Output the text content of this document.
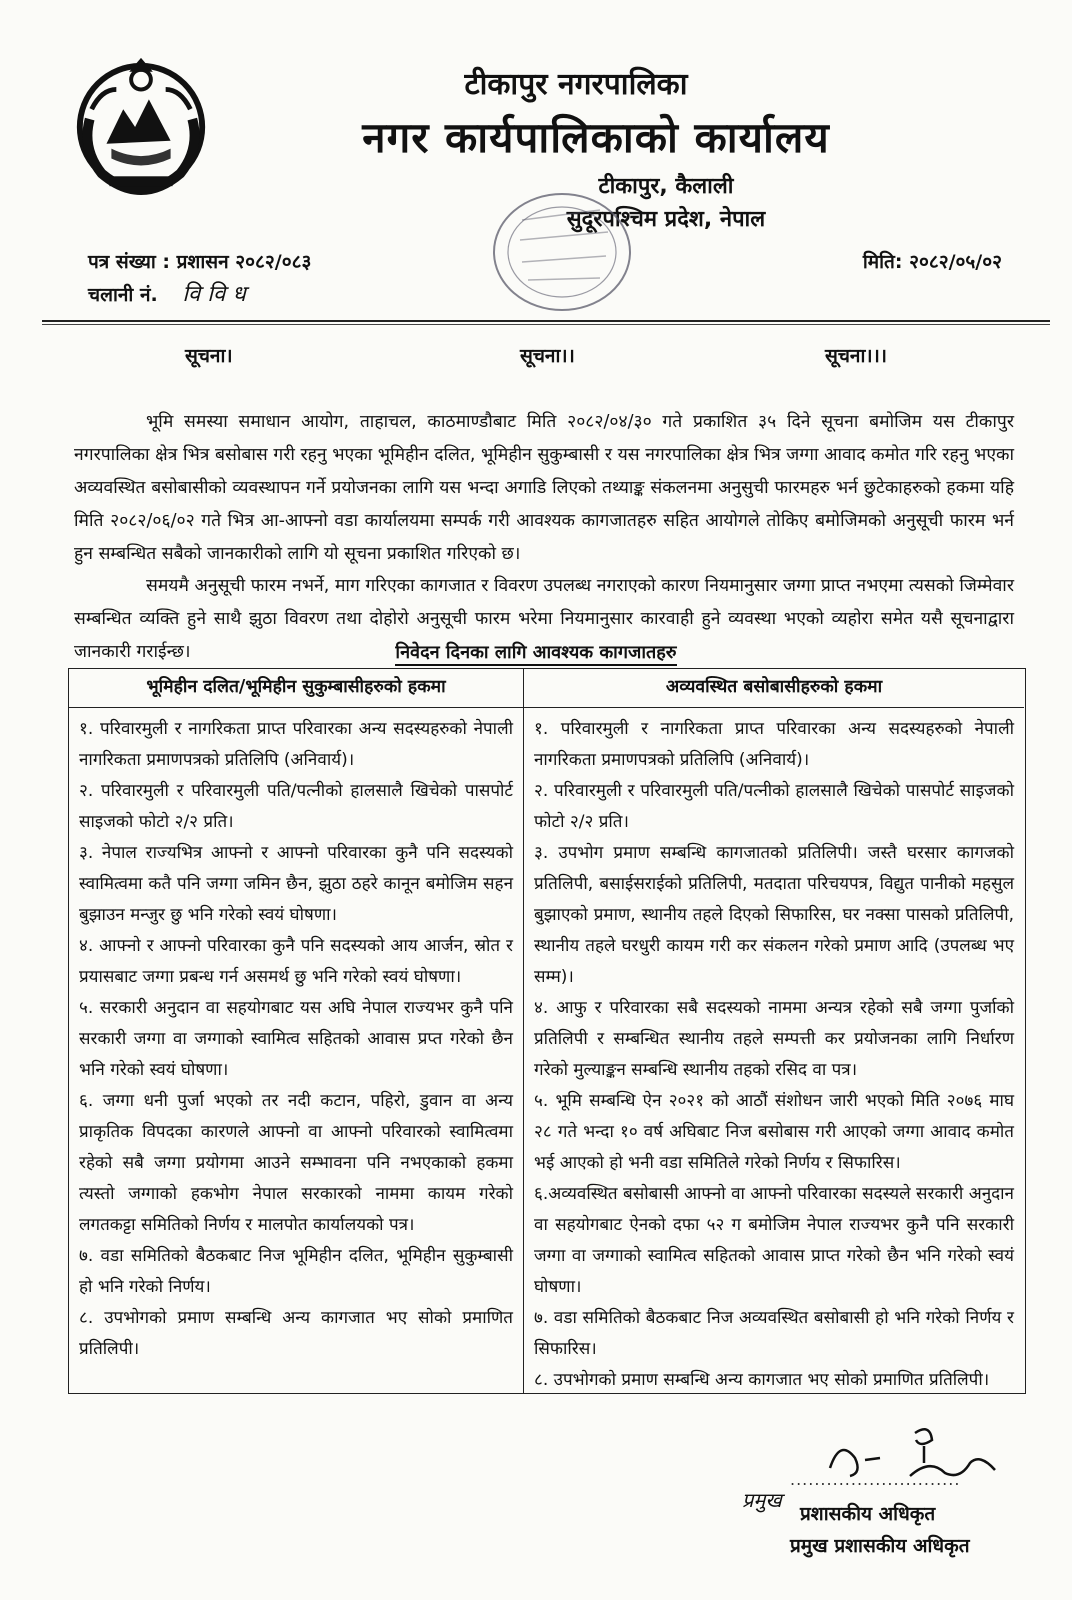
टीकापुर नगरपालिका
नगर कार्यपालिकाको कार्यालय
टीकापुर, कैलाली
सुदूरपश्चिम प्रदेश, नेपाल
पत्र संख्या : प्रशासन २०८२/०८३
चलानी नं. वि वि ध
मिति: २०८२/०५/०२
सूचना।	सूचना।।	सूचना।।।

भूमि समस्या समाधान आयोग, ताहाचल, काठमाण्डौबाट मिति २०८२/०४/३० गते प्रकाशित ३५ दिने सूचना बमोजिम यस टीकापुर नगरपालिका क्षेत्र भित्र बसोबास गरी रहनु भएका भूमिहीन दलित, भूमिहीन सुकुम्बासी र यस नगरपालिका क्षेत्र भित्र जग्गा आवाद कमोत गरि रहनु भएका अव्यवस्थित बसोबासीको व्यवस्थापन गर्ने प्रयोजनका लागि यस भन्दा अगाडि लिएको तथ्याङ्क संकलनमा अनुसुची फारमहरु भर्न छुटेकाहरुको हकमा यहि मिति २०८२/०६/०२ गते भित्र आ-आफ्नो वडा कार्यालयमा सम्पर्क गरी आवश्यक कागजातहरु सहित आयोगले तोकिए बमोजिमको अनुसूची फारम भर्न हुन सम्बन्धित सबैको जानकारीको लागि यो सूचना प्रकाशित गरिएको छ।

समयमै अनुसूची फारम नभर्ने, माग गरिएका कागजात र विवरण उपलब्ध नगराएको कारण नियमानुसार जग्गा प्राप्त नभएमा त्यसको जिम्मेवार सम्बन्धित व्यक्ति हुने साथै झुठा विवरण तथा दोहोरो अनुसूची फारम भरेमा नियमानुसार कारवाही हुने व्यवस्था भएको व्यहोरा समेत यसै सूचनाद्वारा जानकारी गराईन्छ।	निवेदन दिनका लागि आवश्यक कागजातहरु
भूमिहीन दलित/भूमिहीन सुकुम्बासीहरुको हकमा

१. परिवारमुली र नागरिकता प्राप्त परिवारका अन्य सदस्यहरुको नेपाली नागरिकता प्रमाणपत्रको प्रतिलिपि (अनिवार्य)।

२. परिवारमुली र परिवारमुली पति/पत्नीको हालसालै खिचेको पासपोर्ट साइजको फोटो २/२ प्रति।

३. नेपाल राज्यभित्र आफ्नो र आफ्नो परिवारका कुनै पनि सदस्यको स्वामित्वमा कतै पनि जग्गा जमिन छैन, झुठा ठहरे कानून बमोजिम सहन बुझाउन मन्जुर छु भनि गरेको स्वयं घोषणा।

४. आफ्नो र आफ्नो परिवारका कुनै पनि सदस्यको आय आर्जन, स्रोत र प्रयासबाट जग्गा प्रबन्ध गर्न असमर्थ छु भनि गरेको स्वयं घोषणा।

५. सरकारी अनुदान वा सहयोगबाट यस अघि नेपाल राज्यभर कुनै पनि सरकारी जग्गा वा जग्गाको स्वामित्व सहितको आवास प्रप्त गरेको छैन भनि गरेको स्वयं घोषणा।

६. जग्गा धनी पुर्जा भएको तर नदी कटान, पहिरो, डुवान वा अन्य प्राकृतिक विपदका कारणले आफ्नो वा आफ्नो परिवारको स्वामित्वमा रहेको सबै जग्गा प्रयोगमा आउने सम्भावना पनि नभएकाको हकमा त्यस्तो जग्गाको हकभोग नेपाल सरकारको नाममा कायम गरेको लगतकट्टा समितिको निर्णय र मालपोत कार्यालयको पत्र।

७. वडा समितिको बैठकबाट निज भूमिहीन दलित, भूमिहीन सुकुम्बासी हो भनि गरेको निर्णय।

८. उपभोगको प्रमाण सम्बन्धि अन्य कागजात भए सोको प्रमाणित प्रतिलिपी।

अव्यवस्थित बसोबासीहरुको हकमा

१. परिवारमुली र नागरिकता प्राप्त परिवारका अन्य सदस्यहरुको नेपाली नागरिकता प्रमाणपत्रको प्रतिलिपि (अनिवार्य)।

२. परिवारमुली र परिवारमुली पति/पत्नीको हालसालै खिचेको पासपोर्ट साइजको फोटो २/२ प्रति।

३. उपभोग प्रमाण सम्बन्धि कागजातको प्रतिलिपी। जस्तै घरसार कागजको प्रतिलिपी, बसाईसराईको प्रतिलिपी, मतदाता परिचयपत्र, विद्युत पानीको महसुल बुझाएको प्रमाण, स्थानीय तहले दिएको सिफारिस, घर नक्सा पासको प्रतिलिपी, स्थानीय तहले घरधुरी कायम गरी कर संकलन गरेको प्रमाण आदि (उपलब्ध भए सम्म)।

४. आफु र परिवारका सबै सदस्यको नाममा अन्यत्र रहेको सबै जग्गा पुर्जाको प्रतिलिपी र सम्बन्धित स्थानीय तहले सम्पत्ती कर प्रयोजनका लागि निर्धारण गरेको मुल्याङ्कन सम्बन्धि स्थानीय तहको रसिद वा पत्र।

५. भूमि सम्बन्धि ऐन २०२१ को आठौं संशोधन जारी भएको मिति २०७६ माघ २८ गते भन्दा १० वर्ष अघिबाट निज बसोबास गरी आएको जग्गा आवाद कमोत भई आएको हो भनी वडा समितिले गरेको निर्णय र सिफारिस।

६.अव्यवस्थित बसोबासी आफ्नो वा आफ्नो परिवारका सदस्यले सरकारी अनुदान वा सहयोगबाट ऐनको दफा ५२ ग बमोजिम नेपाल राज्यभर कुनै पनि सरकारी जग्गा वा जग्गाको स्वामित्व सहितको आवास प्राप्त गरेको छैन भनि गरेको स्वयं घोषणा।

७. वडा समितिको बैठकबाट निज अव्यवस्थित बसोबासी हो भनि गरेको निर्णय र सिफारिस।

८. उपभोगको प्रमाण सम्बन्धि अन्य कागजात भए सोको प्रमाणित प्रतिलिपी।

............................
प्रमुख
प्रशासकीय अधिकृत
प्रमुख प्रशासकीय अधिकृत
